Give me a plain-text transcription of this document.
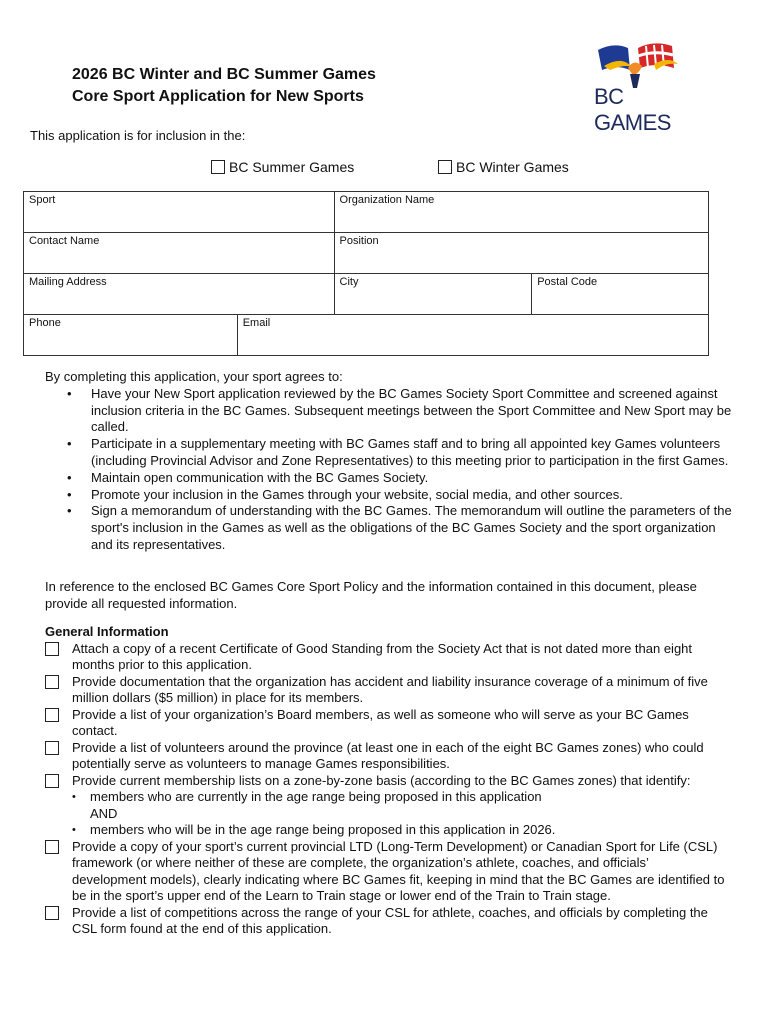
2026 BC Winter and BC Summer Games
Core Sport Application for New Sports	BC GAMES
This application is for inclusion in the:
BC Summer Games	BC Winter Games
Sport		Organization Name	
Contact Name		Position	
Mailing Address		City	Postal Code
Phone	Email		
By completing this application, your sport agrees to:
• Have your New Sport application reviewed by the BC Games Society Sport Committee and screened against inclusion criteria in the BC Games. Subsequent meetings between the Sport Committee and New Sport may be called.
• Participate in a supplementary meeting with BC Games staff and to bring all appointed key Games volunteers (including Provincial Advisor and Zone Representatives) to this meeting prior to participation in the first Games.
• Maintain open communication with the BC Games Society.
• Promote your inclusion in the Games through your website, social media, and other sources.
• Sign a memorandum of understanding with the BC Games. The memorandum will outline the parameters of the sport's inclusion in the Games as well as the obligations of the BC Games Society and the sport organization and its representatives.
In reference to the enclosed BC Games Core Sport Policy and the information contained in this document, please provide all requested information.
General Information
Attach a copy of a recent Certificate of Good Standing from the Society Act that is not dated more than eight months prior to this application.
Provide documentation that the organization has accident and liability insurance coverage of a minimum of five million dollars ($5 million) in place for its members.
Provide a list of your organization’s Board members, as well as someone who will serve as your BC Games contact.
Provide a list of volunteers around the province (at least one in each of the eight BC Games zones) who could potentially serve as volunteers to manage Games responsibilities.
Provide current membership lists on a zone-by-zone basis (according to the BC Games zones) that identify:
• members who are currently in the age range being proposed in this application
AND
• members who will be in the age range being proposed in this application in 2026.
Provide a copy of your sport’s current provincial LTD (Long-Term Development) or Canadian Sport for Life (CSL) framework (or where neither of these are complete, the organization’s athlete, coaches, and officials’ development models), clearly indicating where BC Games fit, keeping in mind that the BC Games are identified to be in the sport’s upper end of the Learn to Train stage or lower end of the Train to Train stage.
Provide a list of competitions across the range of your CSL for athlete, coaches, and officials by completing the CSL form found at the end of this application.
